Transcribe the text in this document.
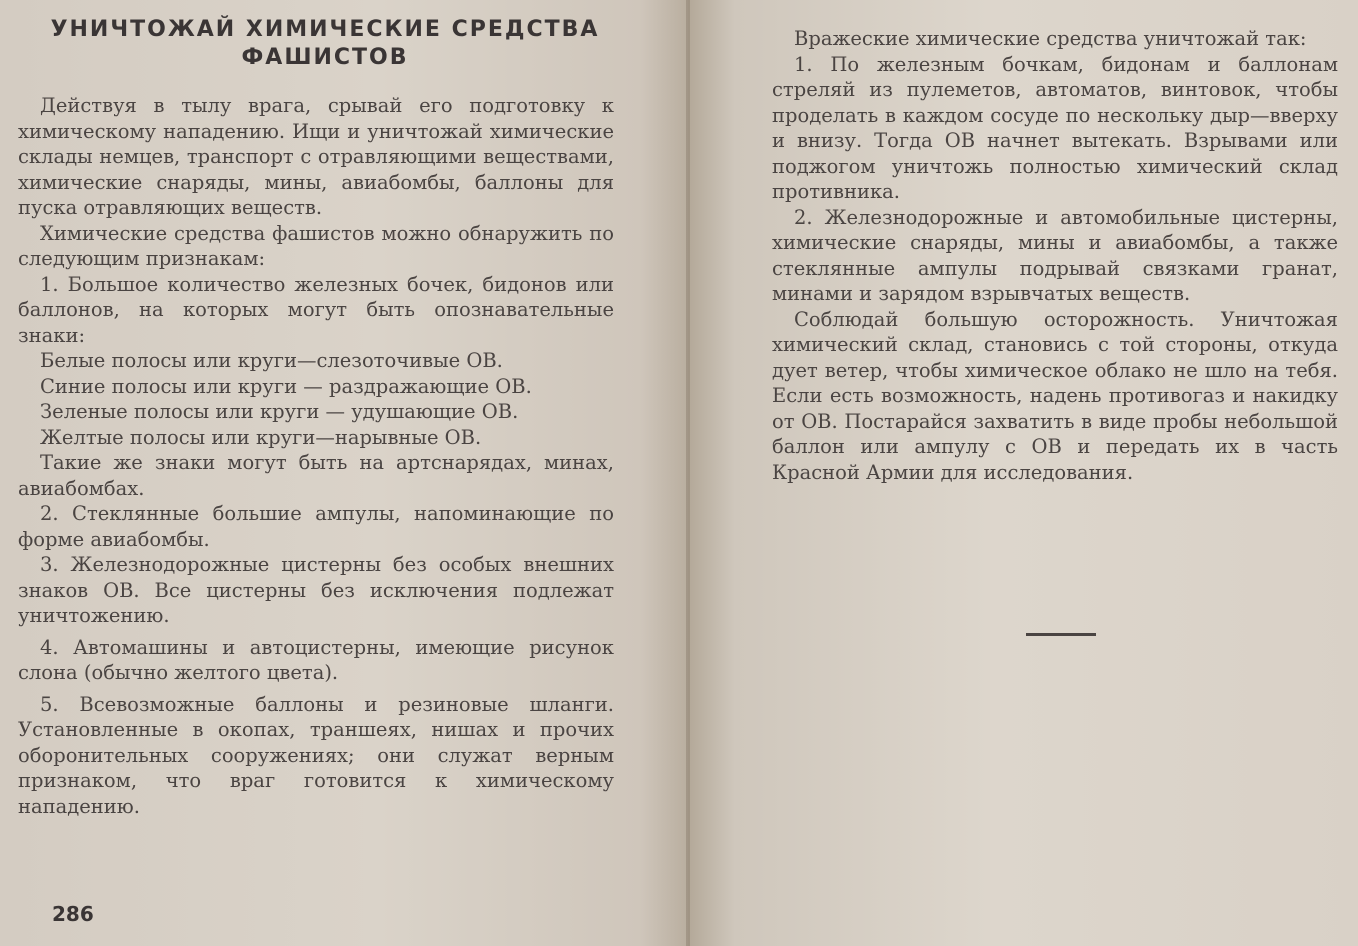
УНИЧТОЖАЙ ХИМИЧЕСКИЕ СРЕДСТВА
ФАШИСТОВ

Действуя в тылу врага, срывай его подготовку к химическому нападению. Ищи и уничтожай химические склады немцев, транспорт с отравляющими веществами, химические снаряды, мины, авиабомбы, баллоны для пуска отравляющих веществ.

Химические средства фашистов можно обнаружить по следующим признакам:

1. Большое количество железных бочек, бидонов или баллонов, на которых могут быть опознавательные знаки:

Белые полосы или круги—слезоточивые ОВ.

Синие полосы или круги — раздражающие ОВ.

Зеленые полосы или круги — удушающие ОВ.

Желтые полосы или круги—нарывные ОВ.

Такие же знаки могут быть на артснарядах, минах, авиабомбах.

2. Стеклянные большие ампулы, напоминающие по форме авиабомбы.

3. Железнодорожные цистерны без особых внешних знаков ОВ. Все цистерны без исключения подлежат уничтожению.

4. Автомашины и автоцистерны, имеющие рисунок слона (обычно желтого цвета).

5. Всевозможные баллоны и резиновые шланги. Установленные в окопах, траншеях, нишах и прочих оборонительных сооружениях; они служат верным признаком, что враг готовится к химическому нападению.

286

Вражеские химические средства уничтожай так:

1. По железным бочкам, бидонам и баллонам стреляй из пулеметов, автоматов, винтовок, чтобы проделать в каждом сосуде по нескольку дыр—вверху и внизу. Тогда ОВ начнет вытекать. Взрывами или поджогом уничтожь полностью химический склад противника.

2. Железнодорожные и автомобильные цистерны, химические снаряды, мины и авиабомбы, а также стеклянные ампулы подрывай связками гранат, минами и зарядом взрывчатых веществ.

Соблюдай большую осторожность. Уничтожая химический склад, становись с той стороны, откуда дует ветер, чтобы химическое облако не шло на тебя. Если есть возможность, надень противогаз и накидку от ОВ. Постарайся захватить в виде пробы небольшой баллон или ампулу с ОВ и передать их в часть Красной Армии для исследования.
